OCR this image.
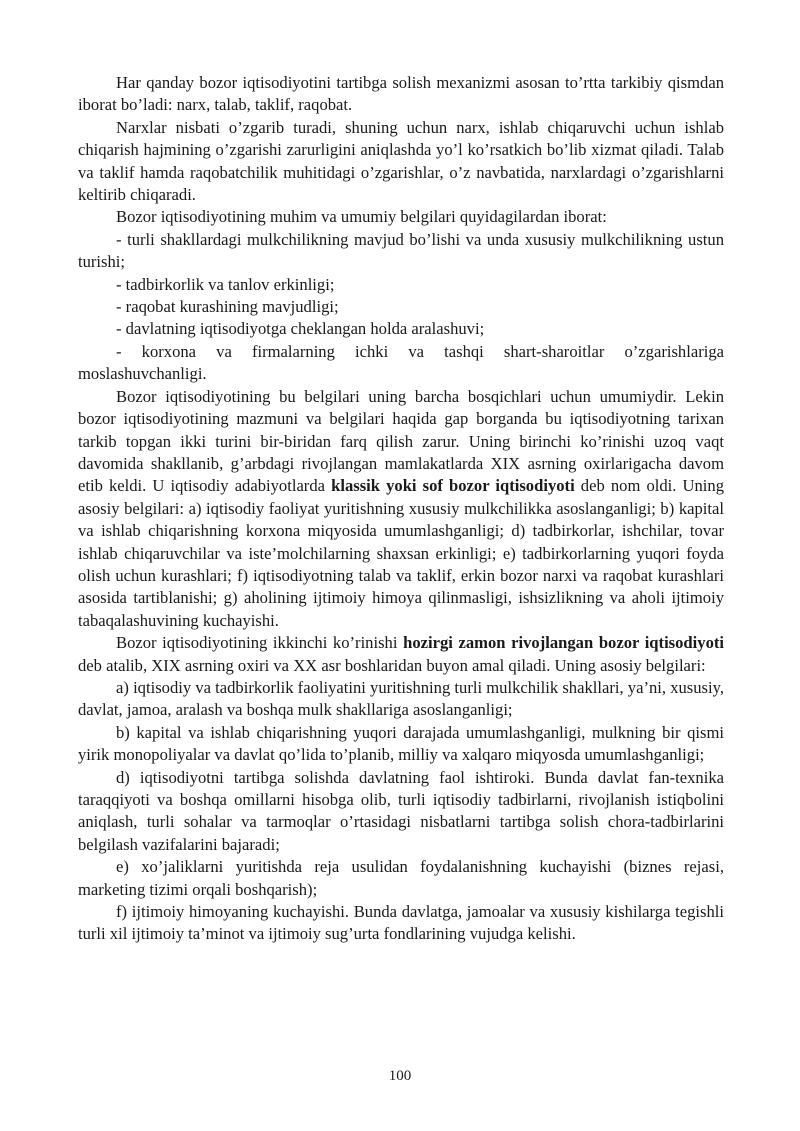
Har qanday bozor iqtisodiyotini tartibga solish mexanizmi asosan to’rtta tarkibiy qismdan iborat bo’ladi: narx, talab, taklif, raqobat.

Narxlar nisbati o’zgarib turadi, shuning uchun narx, ishlab chiqaruvchi uchun ishlab chiqarish hajmining o’zgarishi zarurligini aniqlashda yo’l ko’rsatkich bo’lib xizmat qiladi. Talab va taklif hamda raqobatchilik muhitidagi o’zgarishlar, o’z navbatida, narxlardagi o’zgarishlarni keltirib chiqaradi.

Bozor iqtisodiyotining muhim va umumiy belgilari quyidagilardan iborat:

- turli shakllardagi mulkchilikning mavjud bo’lishi va unda xususiy mulkchilikning ustun turishi;

- tadbirkorlik va tanlov erkinligi;

- raqobat kurashining mavjudligi;

- davlatning iqtisodiyotga cheklangan holda aralashuvi;

- korxona va firmalarning ichki va tashqi shart-sharoitlar o’zgarishlariga moslashuvchanligi.

Bozor iqtisodiyotining bu belgilari uning barcha bosqichlari uchun umumiydir. Lekin bozor iqtisodiyotining mazmuni va belgilari haqida gap borganda bu iqtisodiyotning tarixan tarkib topgan ikki turini bir-biridan farq qilish zarur. Uning birinchi ko’rinishi uzoq vaqt davomida shakllanib, g’arbdagi rivojlangan mamlakatlarda XIX asrning oxirlarigacha davom etib keldi. U iqtisodiy adabiyotlarda klassik yoki sof bozor iqtisodiyoti deb nom oldi. Uning asosiy belgilari: a) iqtisodiy faoliyat yuritishning xususiy mulkchilikka asoslanganligi; b) kapital va ishlab chiqarishning korxona miqyosida umumlashganligi; d) tadbirkorlar, ishchilar, tovar ishlab chiqaruvchilar va iste’molchilarning shaxsan erkinligi; e) tadbirkorlarning yuqori foyda olish uchun kurashlari; f) iqtisodiyotning talab va taklif, erkin bozor narxi va raqobat kurashlari asosida tartiblanishi; g) aholining ijtimoiy himoya qilinmasligi, ishsizlikning va aholi ijtimoiy tabaqalashuvining kuchayishi.

Bozor iqtisodiyotining ikkinchi ko’rinishi hozirgi zamon rivojlangan bozor iqtisodiyoti deb atalib, XIX asrning oxiri va XX asr boshlaridan buyon amal qiladi. Uning asosiy belgilari:

a) iqtisodiy va tadbirkorlik faoliyatini yuritishning turli mulkchilik shakllari, ya’ni, xususiy, davlat, jamoa, aralash va boshqa mulk shakllariga asoslanganligi;

b) kapital va ishlab chiqarishning yuqori darajada umumlashganligi, mulkning bir qismi yirik monopoliyalar va davlat qo’lida to’planib, milliy va xalqaro miqyosda umumlashganligi;

d) iqtisodiyotni tartibga solishda davlatning faol ishtiroki. Bunda davlat fan-texnika taraqqiyoti va boshqa omillarni hisobga olib, turli iqtisodiy tadbirlarni, rivojlanish istiqbolini aniqlash, turli sohalar va tarmoqlar o’rtasidagi nisbatlarni tartibga solish chora-tadbirlarini belgilash vazifalarini bajaradi;

e) xo’jaliklarni yuritishda reja usulidan foydalanishning kuchayishi (biznes rejasi, marketing tizimi orqali boshqarish);

f) ijtimoiy himoyaning kuchayishi. Bunda davlatga, jamoalar va xususiy kishilarga tegishli turli xil ijtimoiy ta’minot va ijtimoiy sug’urta fondlarining vujudga kelishi.

100
